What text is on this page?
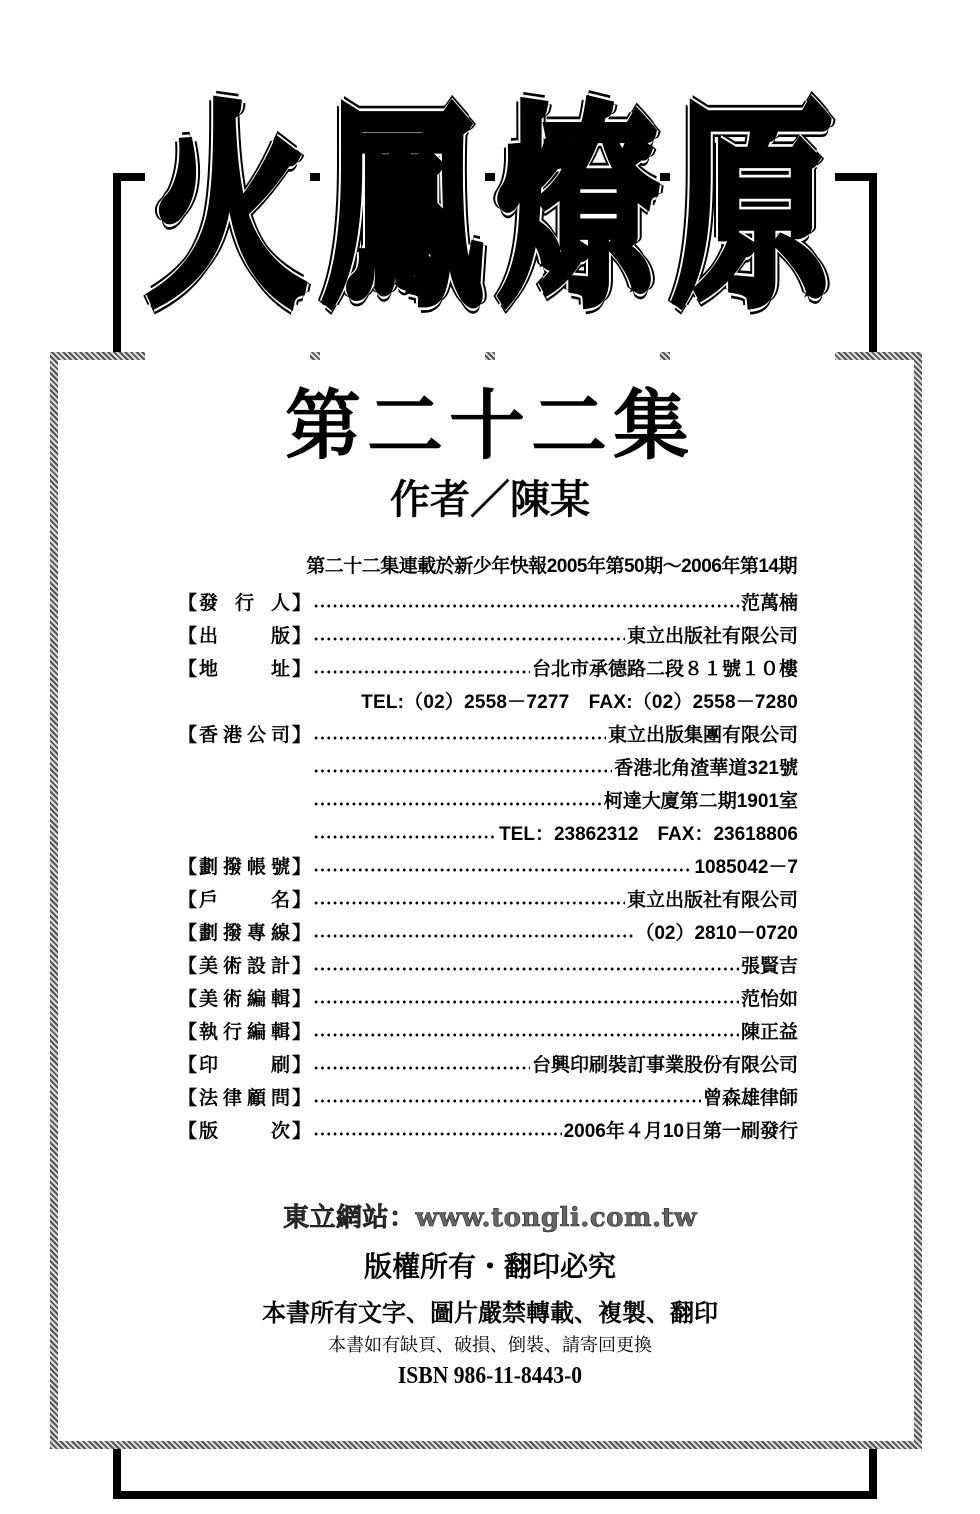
火 鳳 燎 原
第二十二集
作者／陳某
第二十二集連載於新少年快報2005年第50期～2006年第14期
【 發 行 人 】	范萬楠
【 出	版 】	東立出版社有限公司
【 地	址 】	台北市承德路二段８１號１０樓
TEL:（02）2558－7277　FAX:（02）2558－7280
【 香 港 公 司 】	東立出版集團有限公司
香港北角渣華道321號
柯達大廈第二期1901室
TEL：23862312　FAX：23618806
【 劃 撥 帳 號 】	1085042－7
【 戶	名 】	東立出版社有限公司
【 劃 撥 專 線 】	（02）2810－0720
【 美 術 設 計 】	張賢吉
【 美 術 編 輯 】	范怡如
【 執 行 編 輯 】	陳正益
【 印	刷 】	台興印刷裝訂事業股份有限公司
【 法 律 顧 問 】	曾森雄律師
【 版	次 】	2006年４月10日第一刷發行
東立網站：www.tongli.com.tw
版權所有・翻印必究
本書所有文字、圖片嚴禁轉載、複製、翻印
本書如有缺頁、破損、倒裝、請寄回更換
ISBN 986-11-8443-0
